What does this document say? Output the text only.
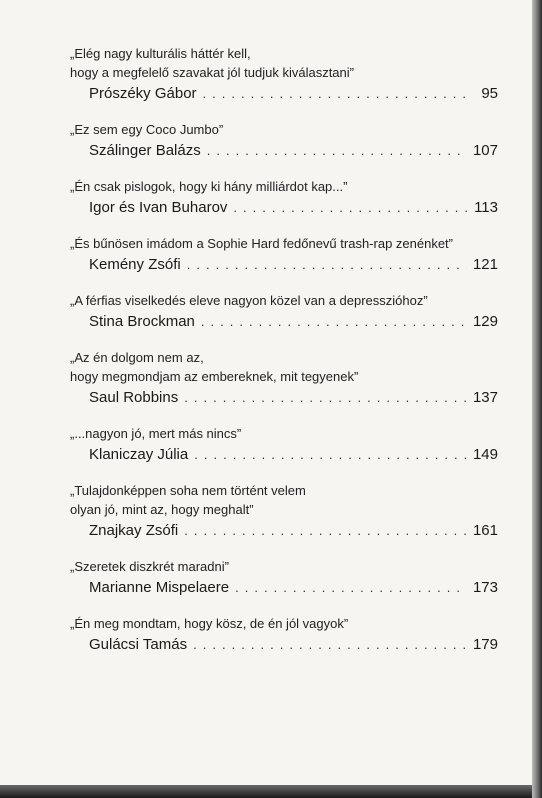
„Elég nagy kulturális háttér kell,
hogy a megfelelő szavakat jól tudjuk kiválasztani”
Prószéky Gábor . . .	95
„Ez sem egy Coco Jumbo”
Szálinger Balázs . . .	107
„Én csak pislogok, hogy ki hány milliárdot kap...”
Igor és Ivan Buharov . . .	113
„És bűnösen imádom a Sophie Hard fedőnevű trash-rap zenénket”
Kemény Zsófi . . .	121
„A férfias viselkedés eleve nagyon közel van a depresszióhoz”
Stina Brockman . . .	129
„Az én dolgom nem az,
hogy megmondjam az embereknek, mit tegyenek”
Saul Robbins . . .	137
„...nagyon jó, mert más nincs”
Klaniczay Júlia . . .	149
„Tulajdonképpen soha nem történt velem
olyan jó, mint az, hogy meghalt”
Znajkay Zsófi . . .	161
„Szeretek diszkrét maradni”
Marianne Mispelaere . . .	173
„Én meg mondtam, hogy kösz, de én jól vagyok”
Gulácsi Tamás . . .	179
